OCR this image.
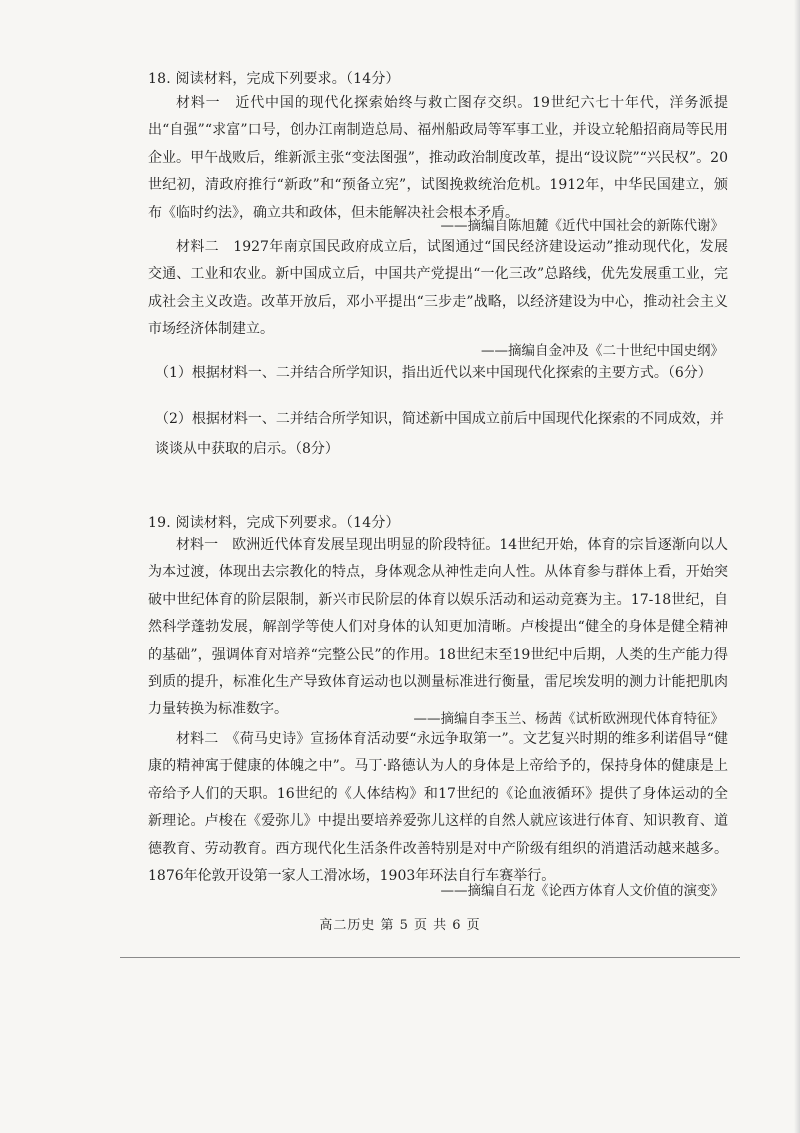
18. 阅读材料，完成下列要求。（14分）

材料一　近代中国的现代化探索始终与救亡图存交织。19世纪六七十年代，洋务派提出“自强”“求富”口号，创办江南制造总局、福州船政局等军事工业，并设立轮船招商局等民用企业。甲午战败后，维新派主张“变法图强”，推动政治制度改革，提出“设议院”“兴民权”。20世纪初，清政府推行“新政”和“预备立宪”，试图挽救统治危机。1912年，中华民国建立，颁布《临时约法》，确立共和政体，但未能解决社会根本矛盾。

——摘编自陈旭麓《近代中国社会的新陈代谢》

材料二　1927年南京国民政府成立后，试图通过“国民经济建设运动”推动现代化，发展交通、工业和农业。新中国成立后，中国共产党提出“一化三改”总路线，优先发展重工业，完成社会主义改造。改革开放后，邓小平提出“三步走”战略，以经济建设为中心，推动社会主义市场经济体制建立。

——摘编自金冲及《二十世纪中国史纲》

（1）根据材料一、二并结合所学知识，指出近代以来中国现代化探索的主要方式。（6分）

（2）根据材料一、二并结合所学知识，简述新中国成立前后中国现代化探索的不同成效，并谈谈从中获取的启示。（8分）

19. 阅读材料，完成下列要求。（14分）

材料一　欧洲近代体育发展呈现出明显的阶段特征。14世纪开始，体育的宗旨逐渐向以人为本过渡，体现出去宗教化的特点，身体观念从神性走向人性。从体育参与群体上看，开始突破中世纪体育的阶层限制，新兴市民阶层的体育以娱乐活动和运动竞赛为主。17-18世纪，自然科学蓬勃发展，解剖学等使人们对身体的认知更加清晰。卢梭提出“健全的身体是健全精神的基础”，强调体育对培养“完整公民”的作用。18世纪末至19世纪中后期，人类的生产能力得到质的提升，标准化生产导致体育运动也以测量标准进行衡量，雷尼埃发明的测力计能把肌肉力量转换为标准数字。

——摘编自李玉兰、杨茜《试析欧洲现代体育特征》

材料二　《荷马史诗》宣扬体育活动要“永远争取第一”。文艺复兴时期的维多利诺倡导“健康的精神寓于健康的体魄之中”。马丁·路德认为人的身体是上帝给予的，保持身体的健康是上帝给予人们的天职。16世纪的《人体结构》和17世纪的《论血液循环》提供了身体运动的全新理论。卢梭在《爱弥儿》中提出要培养爱弥儿这样的自然人就应该进行体育、知识教育、道德教育、劳动教育。西方现代化生活条件改善特别是对中产阶级有组织的消遣活动越来越多。1876年伦敦开设第一家人工滑冰场，1903年环法自行车赛举行。

——摘编自石龙《论西方体育人文价值的演变》
高二历史 第 5 页 共 6 页
